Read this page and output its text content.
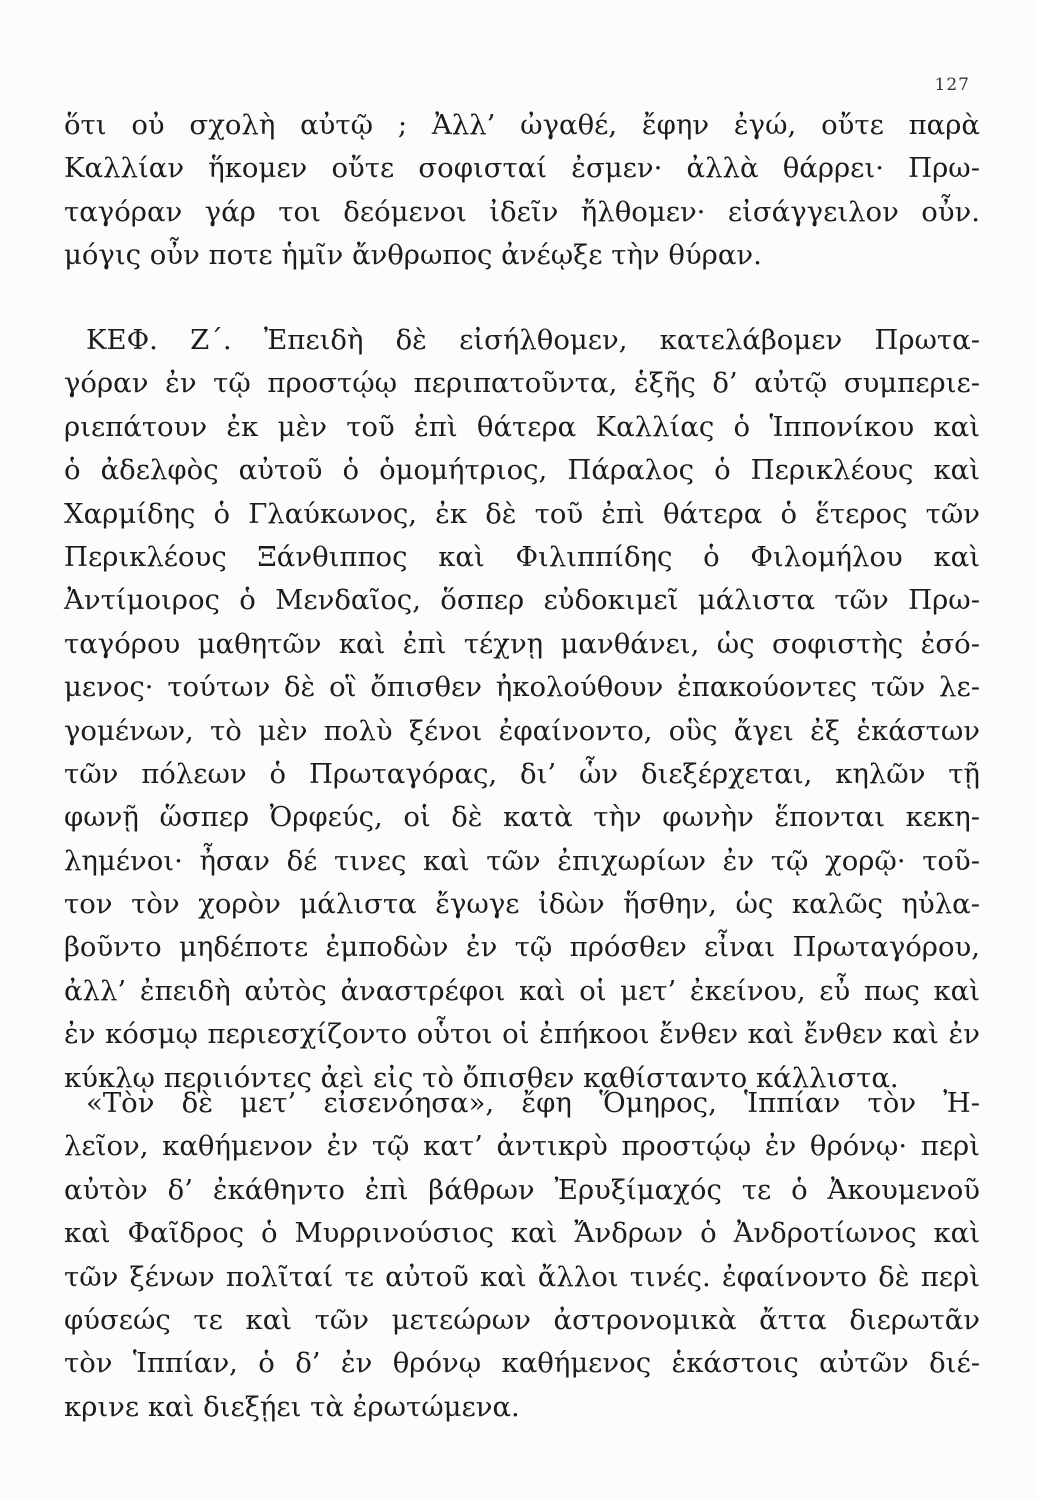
127
ὅτι οὐ σχολὴ αὐτῷ ; Ἀλλ’ ὠγαθέ, ἔφην ἐγώ, οὔτε παρὰ
Καλλίαν ἥκομεν οὔτε σοφισταί ἐσμεν· ἀλλὰ θάρρει· Πρω-
ταγόραν γάρ τοι δεόμενοι ἰδεῖν ἤλθομεν· εἰσάγγειλον οὖν.
μόγις οὖν ποτε ἡμῖν ἄνθρωπος ἀνέῳξε τὴν θύραν.
ΚΕΦ. Ζ΄. Ἐπειδὴ δὲ εἰσήλθομεν, κατελάβομεν Πρωτα-
γόραν ἐν τῷ προστῴῳ περιπατοῦντα, ἑξῆς δ’ αὐτῷ συμπεριε-
ριεπάτουν ἐκ μὲν τοῦ ἐπὶ θάτερα Καλλίας ὁ Ἱππονίκου καὶ
ὁ ἀδελφὸς αὐτοῦ ὁ ὁμομήτριος, Πάραλος ὁ Περικλέους καὶ
Χαρμίδης ὁ Γλαύκωνος, ἐκ δὲ τοῦ ἐπὶ θάτερα ὁ ἕτερος τῶν
Περικλέους Ξάνθιππος καὶ Φιλιππίδης ὁ Φιλομήλου καὶ
Ἀντίμοιρος ὁ Μενδαῖος, ὅσπερ εὐδοκιμεῖ μάλιστα τῶν Πρω-
ταγόρου μαθητῶν καὶ ἐπὶ τέχνῃ μανθάνει, ὡς σοφιστὴς ἐσό-
μενος· τούτων δὲ οἳ ὄπισθεν ἠκολούθουν ἐπακούοντες τῶν λε-
γομένων, τὸ μὲν πολὺ ξένοι ἐφαίνοντο, οὓς ἄγει ἐξ ἑκάστων
τῶν πόλεων ὁ Πρωταγόρας, δι’ ὧν διεξέρχεται, κηλῶν τῇ
φωνῇ ὥσπερ Ὀρφεύς, οἱ δὲ κατὰ τὴν φωνὴν ἕπονται κεκη-
λημένοι· ἦσαν δέ τινες καὶ τῶν ἐπιχωρίων ἐν τῷ χορῷ· τοῦ-
τον τὸν χορὸν μάλιστα ἔγωγε ἰδὼν ἥσθην, ὡς καλῶς ηὐλα-
βοῦντο μηδέποτε ἐμποδὼν ἐν τῷ πρόσθεν εἶναι Πρωταγόρου,
ἀλλ’ ἐπειδὴ αὐτὸς ἀναστρέφοι καὶ οἱ μετ’ ἐκείνου, εὖ πως καὶ
ἐν κόσμῳ περιεσχίζοντο οὗτοι οἱ ἐπήκοοι ἔνθεν καὶ ἔνθεν καὶ ἐν
κύκλῳ περιιόντες ἀεὶ εἰς τὸ ὄπισθεν καθίσταντο κάλλιστα.
«Τὸν δὲ μετ’ εἰσενόησα», ἔφη Ὅμηρος, Ἱππίαν τὸν Ἠ-
λεῖον, καθήμενον ἐν τῷ κατ’ ἀντικρὺ προστῴῳ ἐν θρόνῳ· περὶ
αὐτὸν δ’ ἐκάθηντο ἐπὶ βάθρων Ἐρυξίμαχός τε ὁ Ἀκουμενοῦ
καὶ Φαῖδρος ὁ Μυρρινούσιος καὶ Ἄνδρων ὁ Ἀνδροτίωνος καὶ
τῶν ξένων πολῖταί τε αὐτοῦ καὶ ἄλλοι τινές. ἐφαίνοντο δὲ περὶ
φύσεώς τε καὶ τῶν μετεώρων ἀστρονομικὰ ἄττα διερωτᾶν
τὸν Ἱππίαν, ὁ δ’ ἐν θρόνῳ καθήμενος ἑκάστοις αὐτῶν διέ-
κρινε καὶ διεξῄει τὰ ἐρωτώμενα.
